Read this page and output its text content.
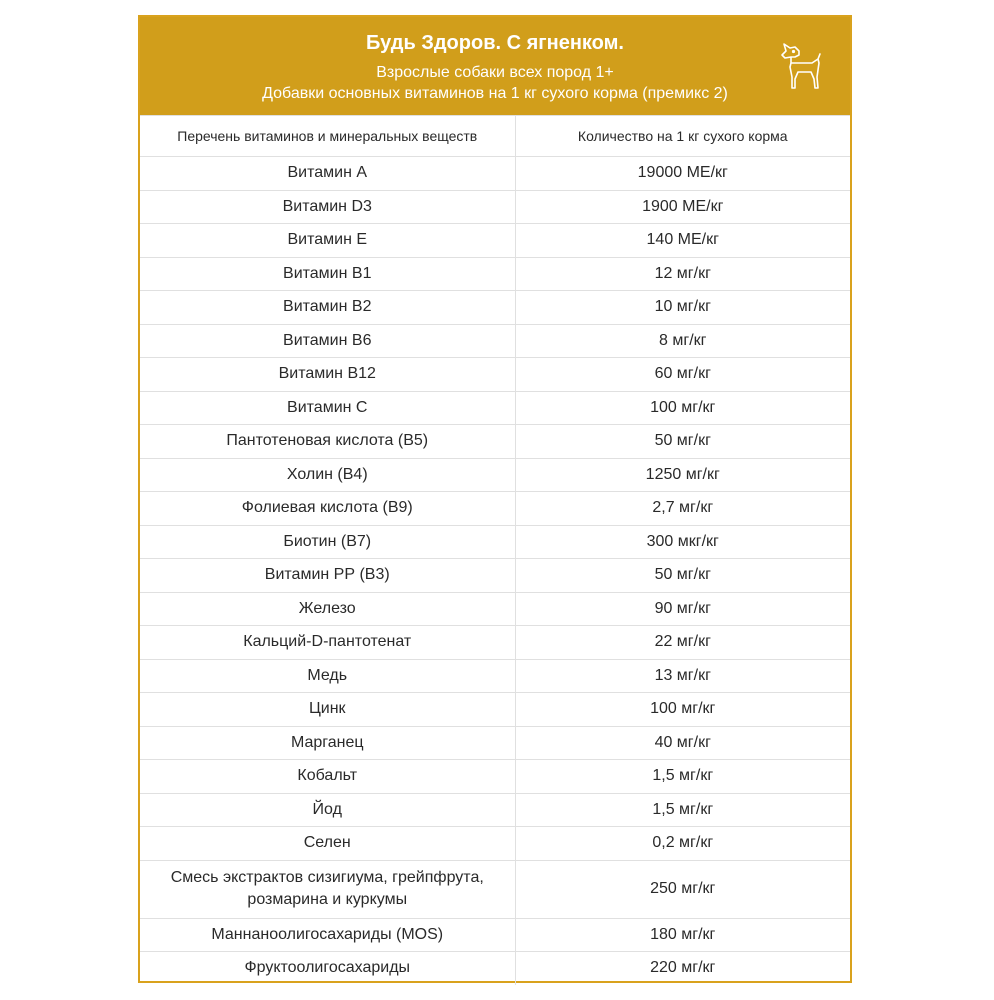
Будь Здоров. С ягненком.
Взрослые собаки всех пород 1+
Добавки основных витаминов на 1 кг сухого корма (премикс 2)
Перечень витаминов и минеральных веществ	Количество на 1 кг сухого корма
Витамин А	19000 МЕ/кг
Витамин D3	1900 МЕ/кг
Витамин Е	140 МЕ/кг
Витамин В1	12 мг/кг
Витамин В2	10 мг/кг
Витамин В6	8 мг/кг
Витамин В12	60 мг/кг
Витамин С	100 мг/кг
Пантотеновая кислота (В5)	50 мг/кг
Холин (В4)	1250 мг/кг
Фолиевая кислота (В9)	2,7 мг/кг
Биотин (В7)	300 мкг/кг
Витамин РР (В3)	50 мг/кг
Железо	90 мг/кг
Кальций-D-пантотенат	22 мг/кг
Медь	13 мг/кг
Цинк	100 мг/кг
Марганец	40 мг/кг
Кобальт	1,5 мг/кг
Йод	1,5 мг/кг
Селен	0,2 мг/кг
Смесь экстрактов сизигиума, грейпфрута, розмарина и куркумы	250 мг/кг
Маннаноолигосахариды (MOS)	180 мг/кг
Фруктоолигосахариды	220 мг/кг
